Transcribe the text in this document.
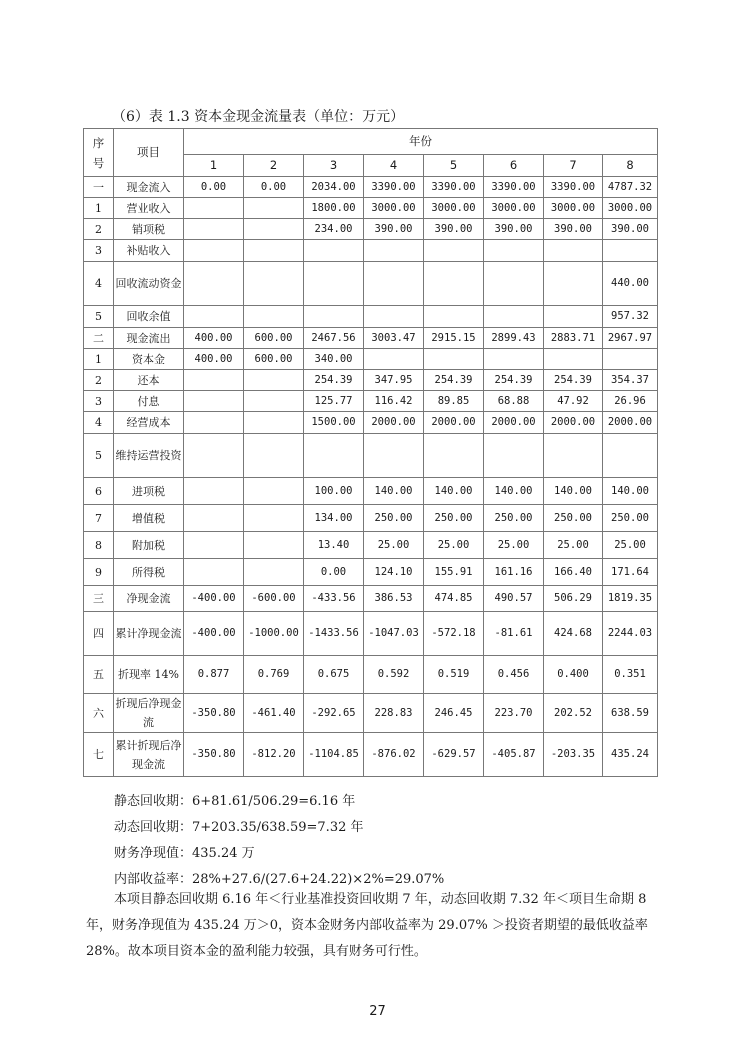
（6）表 1.3 资本金现金流量表（单位：万元）
序号	项目	年份							
		1	2	3	4	5	6	7	8
一	现金流入	0.00	0.00	2034.00	3390.00	3390.00	3390.00	3390.00	4787.32
1	营业收入			1800.00	3000.00	3000.00	3000.00	3000.00	3000.00
2	销项税			234.00	390.00	390.00	390.00	390.00	390.00
3	补贴收入								
4	回收流动资金								440.00
5	回收余值								957.32
二	现金流出	400.00	600.00	2467.56	3003.47	2915.15	2899.43	2883.71	2967.97
1	资本金	400.00	600.00	340.00					
2	还本			254.39	347.95	254.39	254.39	254.39	354.37
3	付息			125.77	116.42	89.85	68.88	47.92	26.96
4	经营成本			1500.00	2000.00	2000.00	2000.00	2000.00	2000.00
5	维持运营投资								
6	进项税			100.00	140.00	140.00	140.00	140.00	140.00
7	增值税			134.00	250.00	250.00	250.00	250.00	250.00
8	附加税			13.40	25.00	25.00	25.00	25.00	25.00
9	所得税			0.00	124.10	155.91	161.16	166.40	171.64
三	净现金流	-400.00	-600.00	-433.56	386.53	474.85	490.57	506.29	1819.35
四	累计净现金流	-400.00	-1000.00	-1433.56	-1047.03	-572.18	-81.61	424.68	2244.03
五	折现率 14%	0.877	0.769	0.675	0.592	0.519	0.456	0.400	0.351
六	折现后净现金流	-350.80	-461.40	-292.65	228.83	246.45	223.70	202.52	638.59
七	累计折现后净现金流	-350.80	-812.20	-1104.85	-876.02	-629.57	-405.87	-203.35	435.24
静态回收期：6+81.61/506.29=6.16 年
动态回收期：7+203.35/638.59=7.32 年
财务净现值：435.24 万
内部收益率：28%+27.6/(27.6+24.22)×2%=29.07%
本项目静态回收期 6.16 年＜行业基准投资回收期 7 年，动态回收期 7.32 年＜项目生命期 8 年，财务净现值为 435.24 万＞0，资本金财务内部收益率为 29.07% ＞投资者期望的最低收益率 28%。故本项目资本金的盈利能力较强，具有财务可行性。
27
